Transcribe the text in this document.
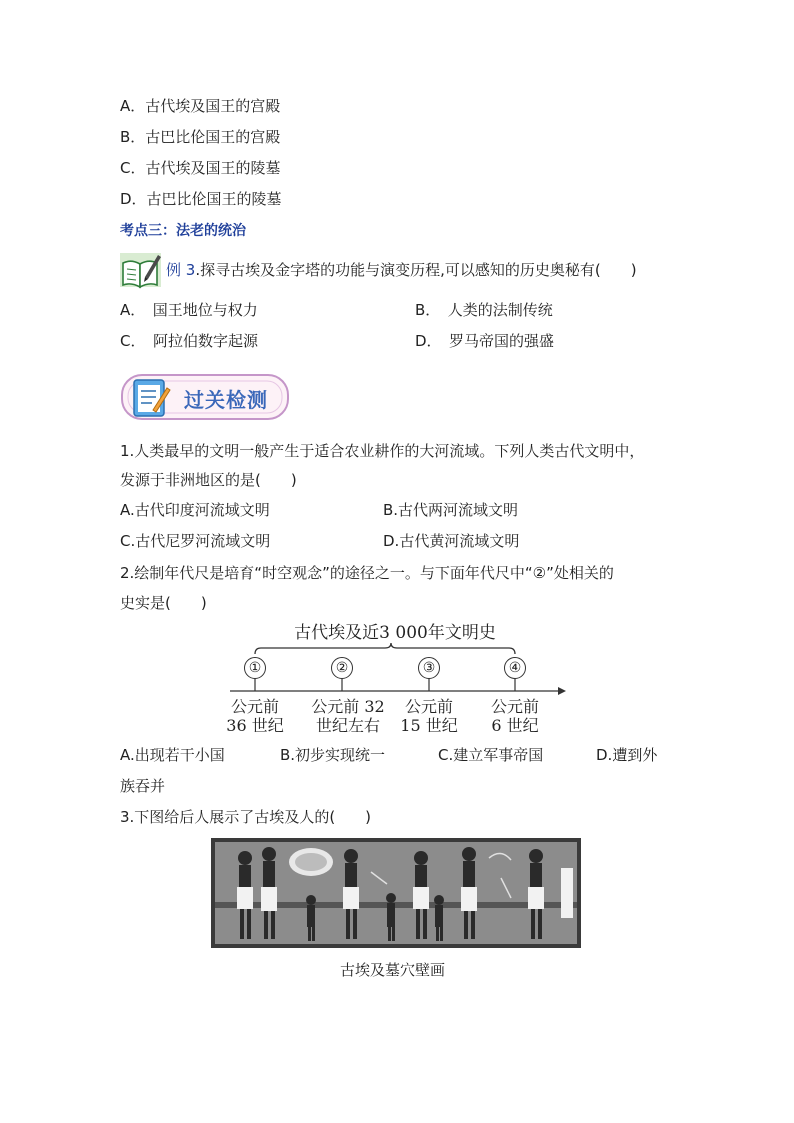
A．古代埃及国王的宫殿
B．古巴比伦国王的宫殿
C．古代埃及国王的陵墓
D．古巴比伦国王的陵墓
考点三：法老的统治
例 3.探寻古埃及金字塔的功能与演变历程,可以感知的历史奥秘有(　　)
A．　国王地位与权力	B．　人类的法制传统
C．　阿拉伯数字起源	D．　罗马帝国的强盛
过关检测
1.人类最早的文明一般产生于适合农业耕作的大河流域。下列人类古代文明中，
发源于非洲地区的是(　　)
A.古代印度河流域文明	B.古代两河流域文明
C.古代尼罗河流域文明	D.古代黄河流域文明
2.绘制年代尺是培育“时空观念”的途径之一。与下面年代尺中“②”处相关的
史实是(　　)
古代埃及近3 000年文明史
①	②	③	④
公元前
36 世纪
公元前 32
世纪左右
公元前
15 世纪
公元前
6 世纪
A.出现若干小国	B.初步实现统一	C.建立军事帝国	D.遭到外
族吞并
3.下图给后人展示了古埃及人的(　　)
古埃及墓穴壁画
